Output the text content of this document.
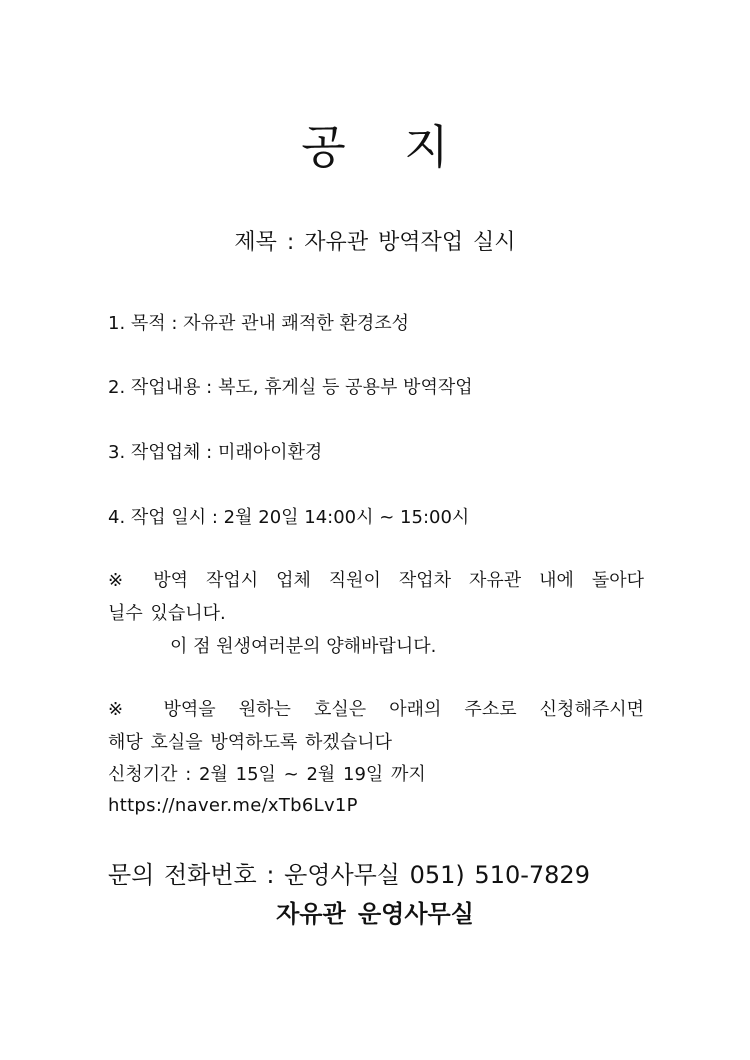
공 지
제목 : 자유관 방역작업 실시
1. 목적 : 자유관 관내 쾌적한 환경조성
2. 작업내용 : 복도, 휴게실 등 공용부 방역작업
3. 작업업체 : 미래아이환경
4. 작업 일시 : 2월 20일 14:00시 ~ 15:00시
※ 방역 작업시 업체 직원이 작업차 자유관 내에 돌아다
닐수 있습니다.
이 점 원생여러분의 양해바랍니다.
※ 방역을 원하는 호실은 아래의 주소로 신청해주시면
해당 호실을 방역하도록 하겠습니다
신청기간 : 2월 15일 ~ 2월 19일 까지
https://naver.me/xTb6Lv1P
문의 전화번호 : 운영사무실 051) 510-7829
자유관 운영사무실
